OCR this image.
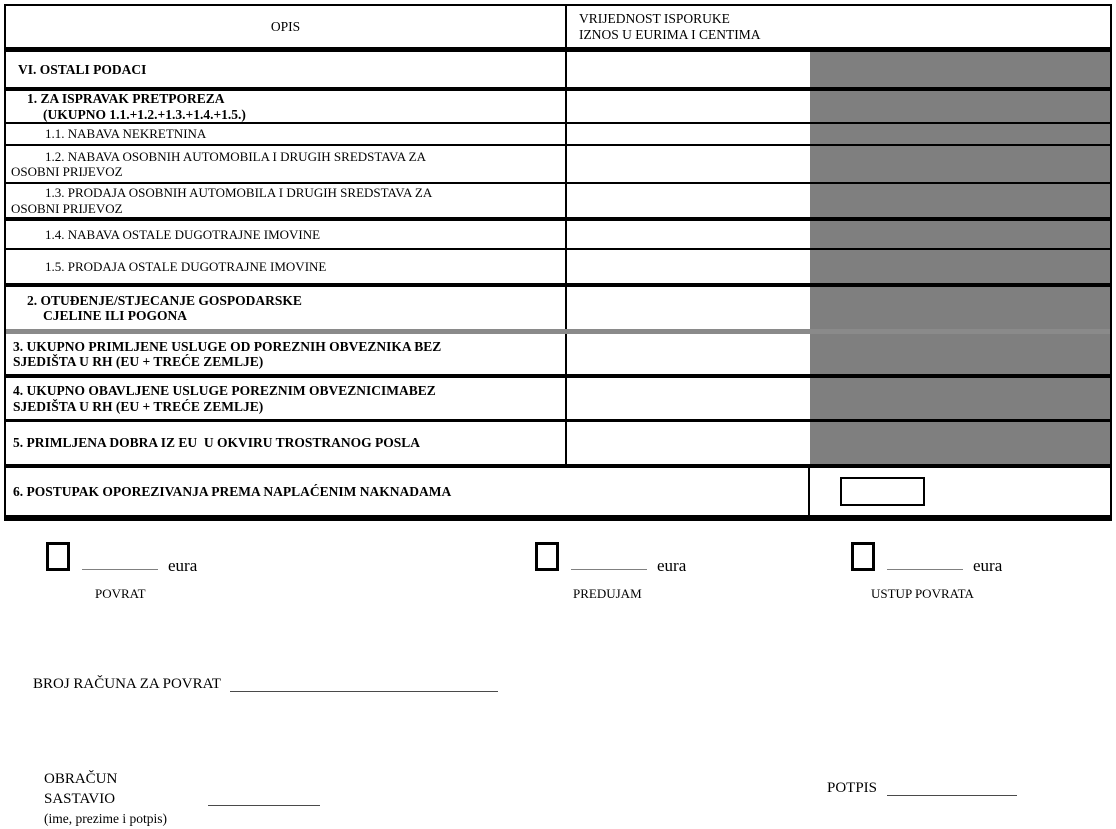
OPIS
VRIJEDNOST ISPORUKE
IZNOS U EURIMA I CENTIMA
VI. OSTALI PODACI
1. ZA ISPRAVAK PRETPOREZA
(UKUPNO 1.1.+1.2.+1.3.+1.4.+1.5.)
1.1. NABAVA NEKRETNINA
1.2. NABAVA OSOBNIH AUTOMOBILA I DRUGIH SREDSTAVA ZA
OSOBNI PRIJEVOZ
1.3. PRODAJA OSOBNIH AUTOMOBILA I DRUGIH SREDSTAVA ZA
OSOBNI PRIJEVOZ
1.4. NABAVA OSTALE DUGOTRAJNE IMOVINE
1.5. PRODAJA OSTALE DUGOTRAJNE IMOVINE
2. OTUĐENJE/STJECANJE GOSPODARSKE
CJELINE ILI POGONA
3. UKUPNO PRIMLJENE USLUGE OD POREZNIH OBVEZNIKA BEZ
SJEDIŠTA U RH (EU + TREĆE ZEMLJE)
4. UKUPNO OBAVLJENE USLUGE POREZNIM OBVEZNICIMABEZ
SJEDIŠTA U RH (EU + TREĆE ZEMLJE)
5. PRIMLJENA DOBRA IZ EU  U OKVIRU TROSTRANOG POSLA
6. POSTUPAK OPOREZIVANJA PREMA NAPLAĆENIM NAKNADAMA
eura
POVRAT
eura
PREDUJAM
eura
USTUP POVRATA
BROJ RAČUNA ZA POVRAT
OBRAČUN
SASTAVIO
(ime, prezime i potpis)
POTPIS
